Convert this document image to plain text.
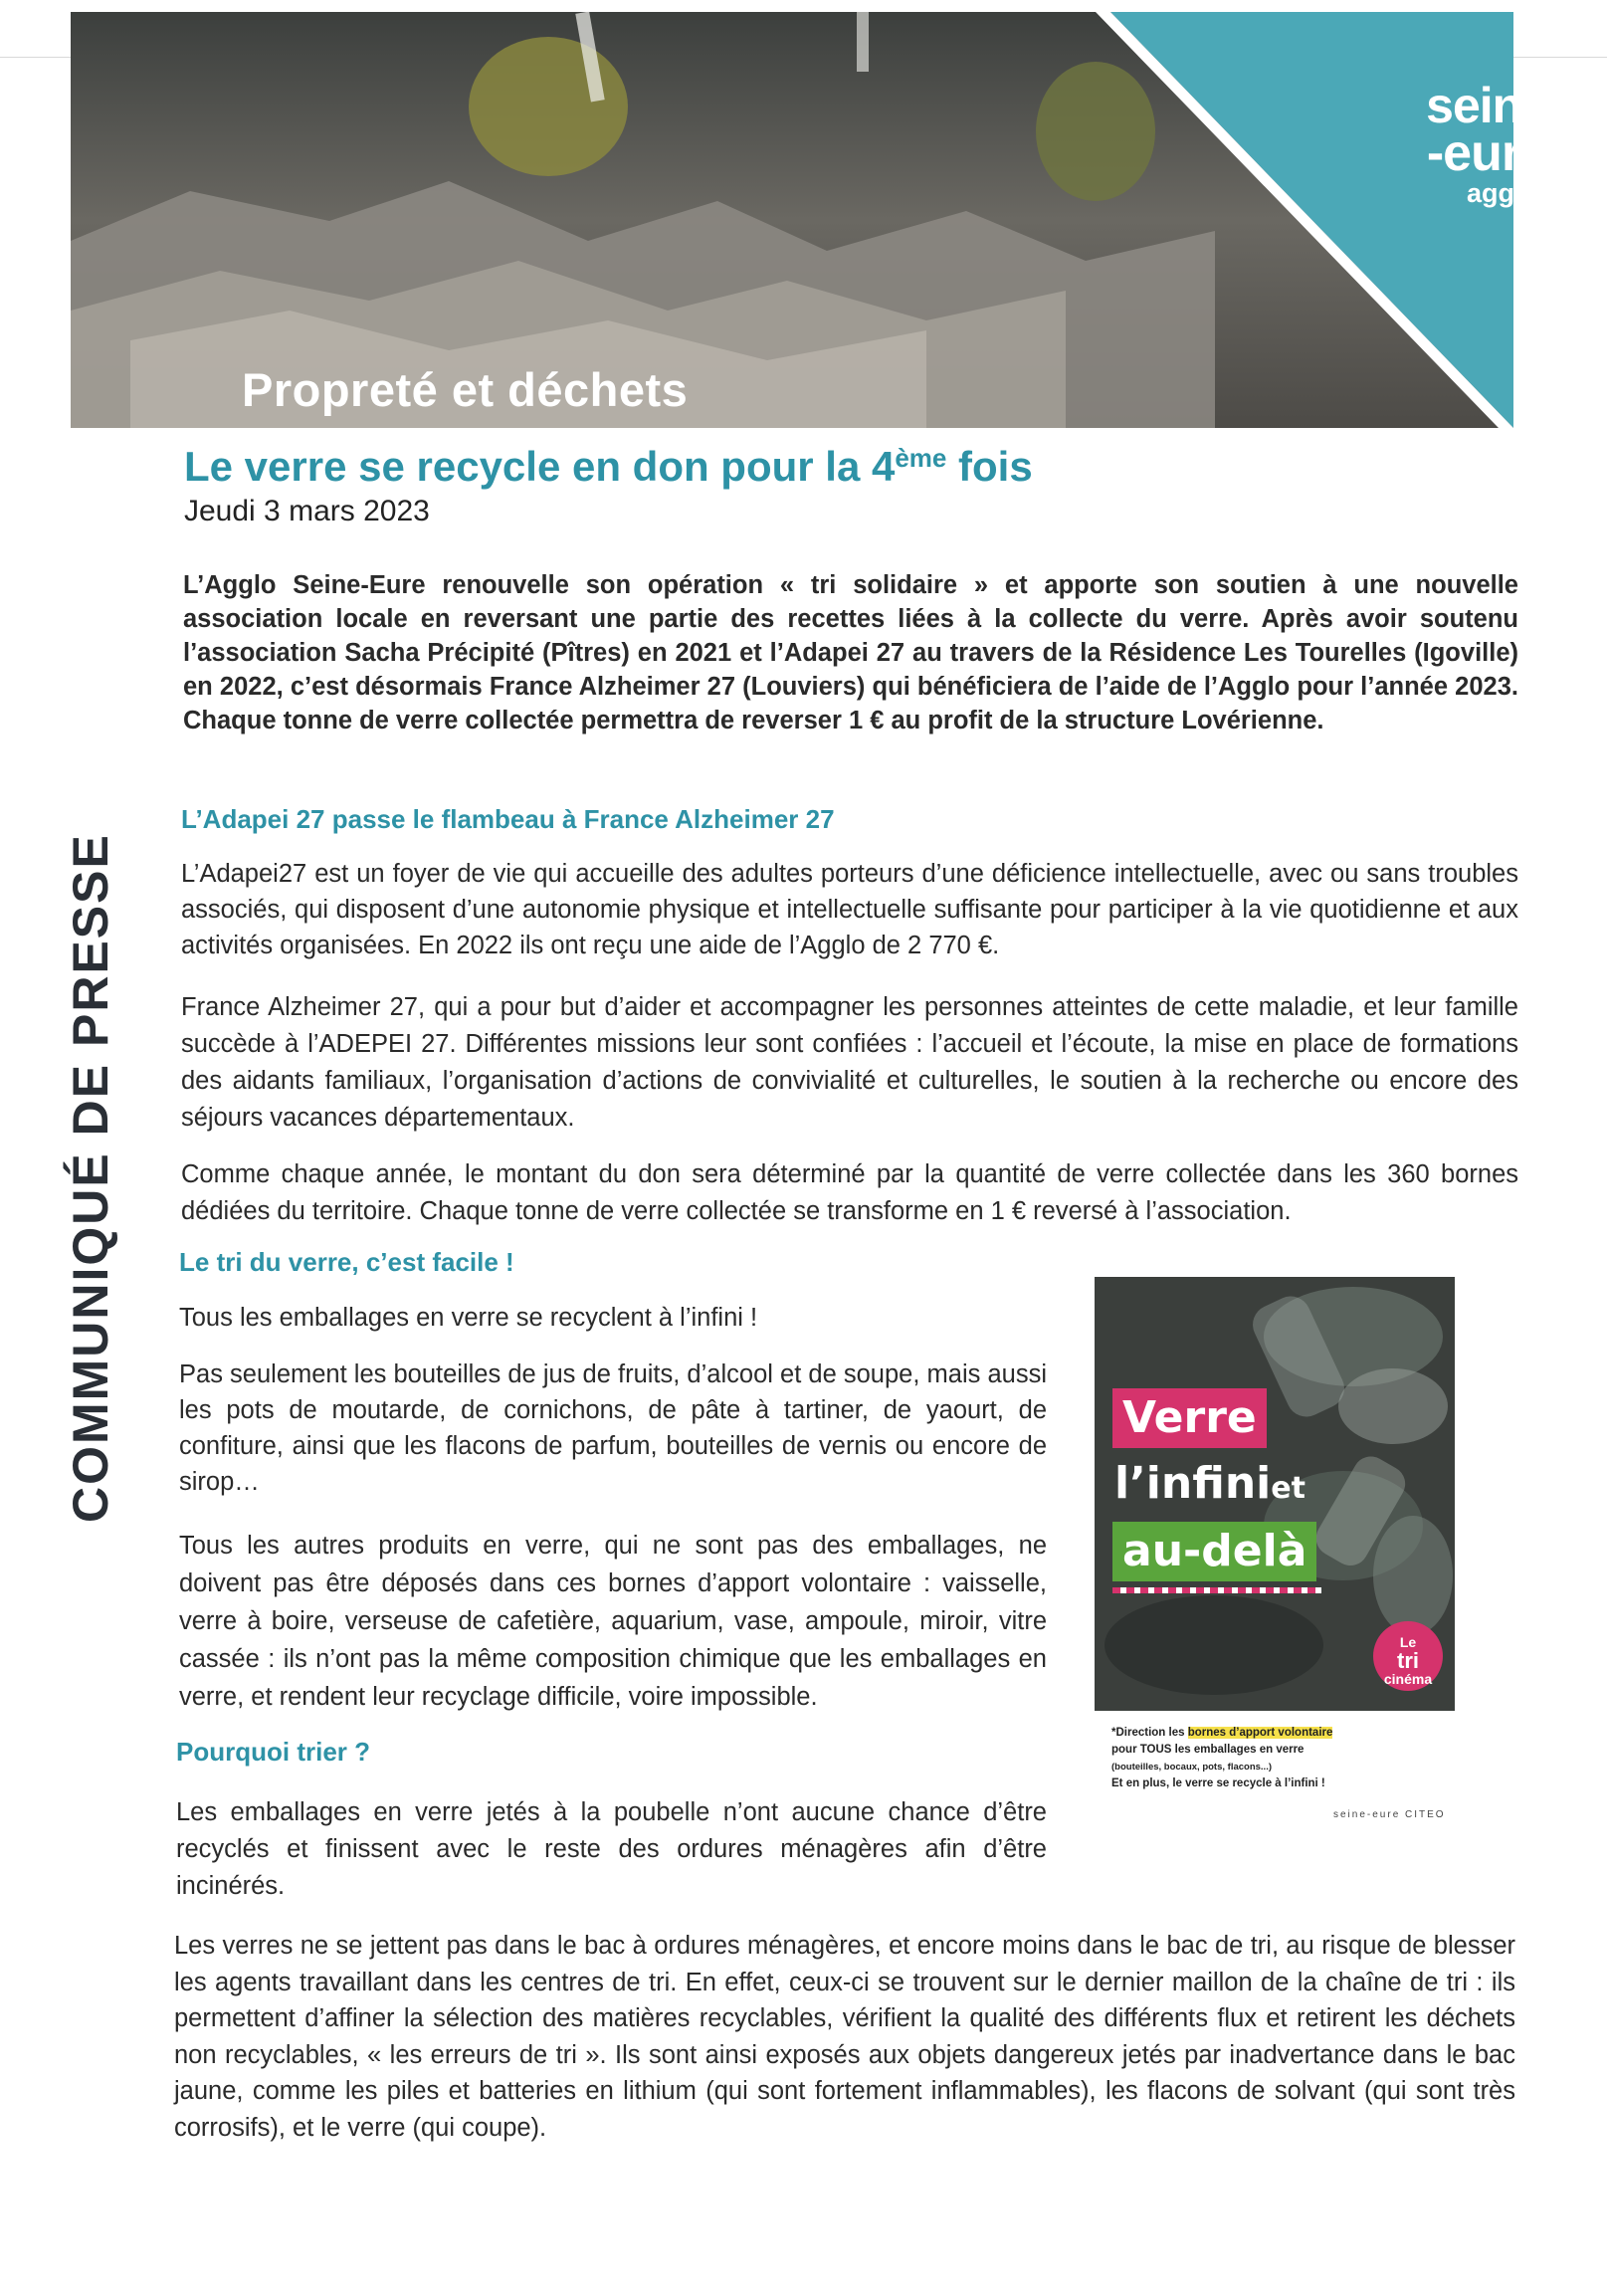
Propreté et déchets
seine
-eure
agglo
COMMUNIQUÉ DE PRESSE
Le verre se recycle en don pour la 4ème fois
Jeudi 3 mars 2023

L’Agglo Seine-Eure renouvelle son opération « tri solidaire » et apporte son soutien à une nouvelle association locale en reversant une partie des recettes liées à la collecte du verre. Après avoir soutenu l’association Sacha Précipité (Pîtres) en 2021 et l’Adapei 27 au travers de la Résidence Les Tourelles (Igoville) en 2022, c’est désormais France Alzheimer 27 (Louviers) qui bénéficiera de l’aide de l’Agglo pour l’année 2023. Chaque tonne de verre collectée permettra de reverser 1 € au profit de la structure Lovérienne.

L’Adapei 27 passe le flambeau à France Alzheimer 27

L’Adapei27 est un foyer de vie qui accueille des adultes porteurs d’une déficience intellectuelle, avec ou sans troubles associés, qui disposent d’une autonomie physique et intellectuelle suffisante pour participer à la vie quotidienne et aux activités organisées. En 2022 ils ont reçu une aide de l’Agglo de 2 770 €.

France Alzheimer 27, qui a pour but d’aider et accompagner les personnes atteintes de cette maladie, et leur famille succède à l’ADEPEI 27. Différentes missions leur sont confiées : l’accueil et l’écoute, la mise en place de formations des aidants familiaux, l’organisation d’actions de convivialité et culturelles, le soutien à la recherche ou encore des séjours vacances départementaux.

Comme chaque année, le montant du don sera déterminé par la quantité de verre collectée dans les 360 bornes dédiées du territoire. Chaque tonne de verre collectée se transforme en 1 € reversé à l’association.

Le tri du verre, c’est facile !

Tous les emballages en verre se recyclent à l’infini !

Pas seulement les bouteilles de jus de fruits, d’alcool et de soupe, mais aussi les pots de moutarde, de cornichons, de pâte à tartiner, de yaourt, de confiture, ainsi que les flacons de parfum, bouteilles de vernis ou encore de sirop…

Tous les autres produits en verre, qui ne sont pas des emballages, ne doivent pas être déposés dans ces bornes d’apport volontaire : vaisselle, verre à boire, verseuse de cafetière, aquarium, vase, ampoule, miroir, vitre cassée : ils n’ont pas la même composition chimique que les emballages en verre, et rendent leur recyclage difficile, voire impossible.

Pourquoi trier ?

Les emballages en verre jetés à la poubelle n’ont aucune chance d’être recyclés et finissent avec le reste des ordures ménagères afin d’être incinérés.

Les verres ne se jettent pas dans le bac à ordures ménagères, et encore moins dans le bac de tri, au risque de blesser les agents travaillant dans les centres de tri. En effet, ceux-ci se trouvent sur le dernier maillon de la chaîne de tri : ils permettent d’affiner la sélection des matières recyclables, vérifient la qualité des différents flux et retirent les déchets non recyclables, « les erreurs de tri ». Ils sont ainsi exposés aux objets dangereux jetés par inadvertance dans le bac jaune, comme les piles et batteries en lithium (qui sont fortement inflammables), les flacons de solvant (qui sont très corrosifs), et le verre (qui coupe).

Verre
l’infiniet
au-delà
Le
tri
cinéma
*Direction les bornes d’apport volontaire
pour TOUS les emballages en verre
(bouteilles, bocaux, pots, flacons...)
Et en plus, le verre se recycle à l’infini !
seine-eure CITEO
